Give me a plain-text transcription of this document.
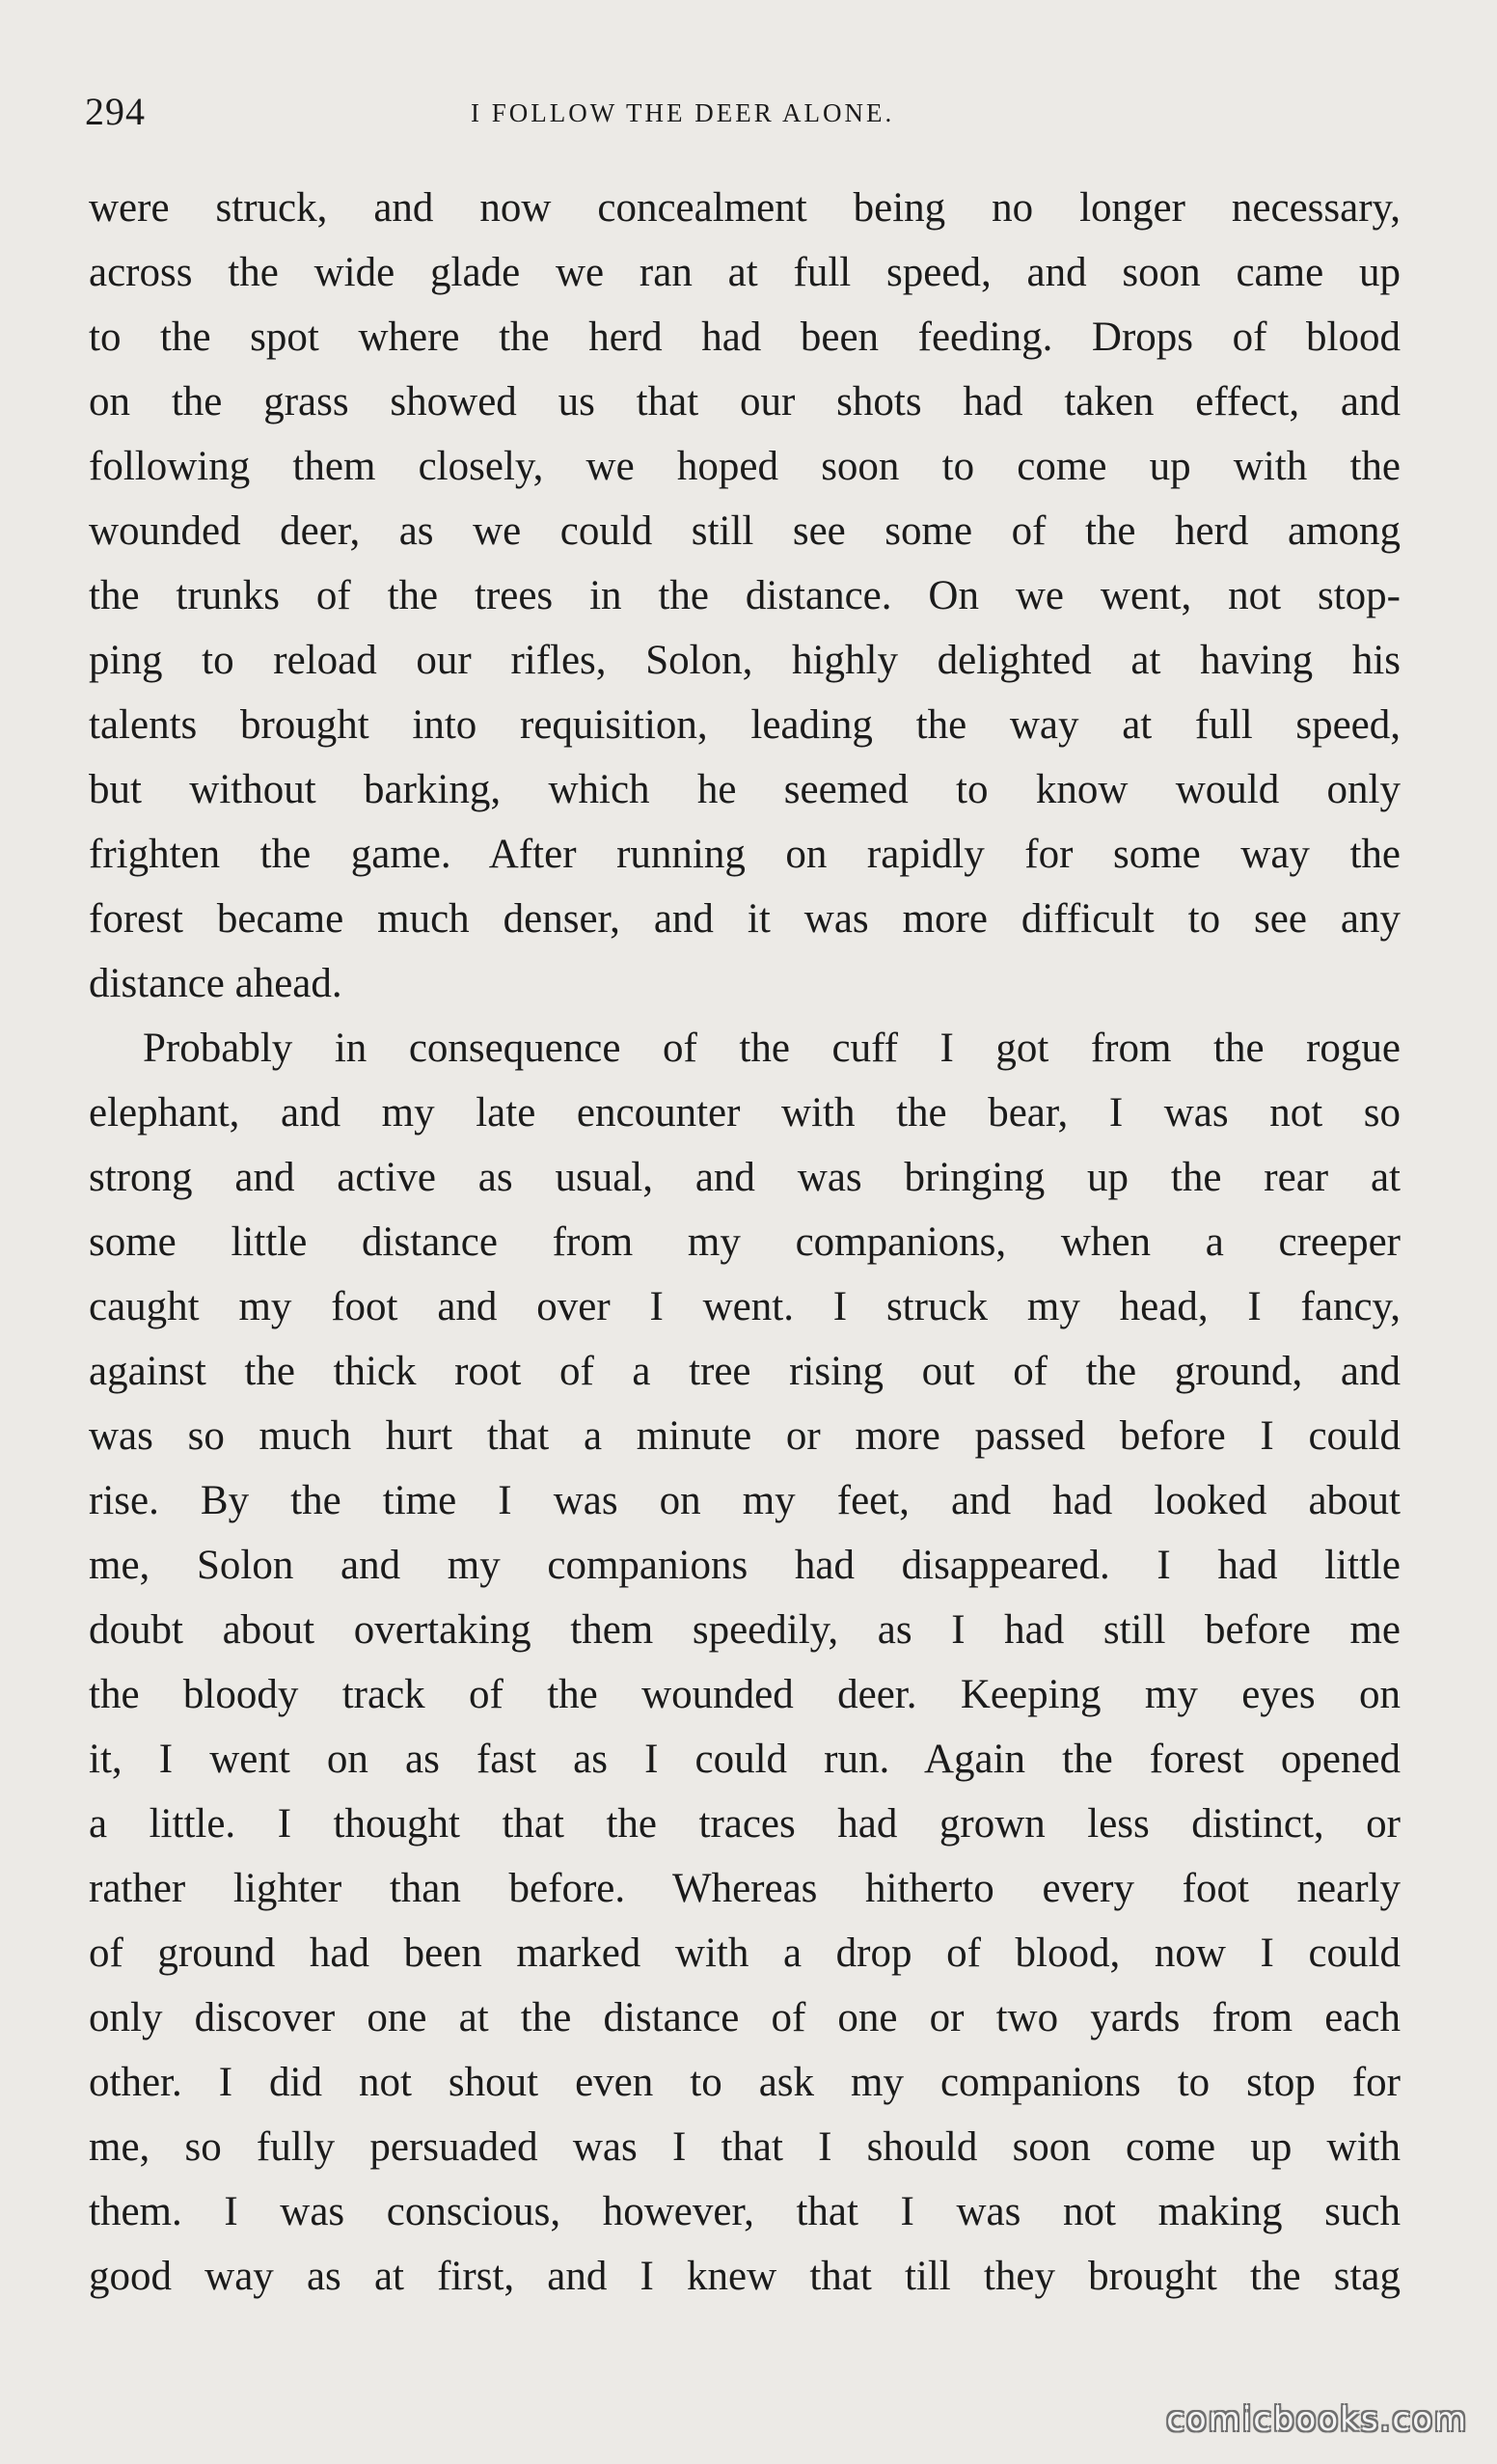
294	I FOLLOW THE DEER ALONE.
were struck, and now concealment being no longer necessary,
across the wide glade we ran at full speed, and soon came up
to the spot where the herd had been feeding. Drops of blood
on the grass showed us that our shots had taken effect, and
following them closely, we hoped soon to come up with the
wounded deer, as we could still see some of the herd among
the trunks of the trees in the distance. On we went, not stop-
ping to reload our rifles, Solon, highly delighted at having his
talents brought into requisition, leading the way at full speed,
but without barking, which he seemed to know would only
frighten the game. After running on rapidly for some way the
forest became much denser, and it was more difficult to see any
distance ahead.
Probably in consequence of the cuff I got from the rogue
elephant, and my late encounter with the bear, I was not so
strong and active as usual, and was bringing up the rear at
some little distance from my companions, when a creeper
caught my foot and over I went. I struck my head, I fancy,
against the thick root of a tree rising out of the ground, and
was so much hurt that a minute or more passed before I could
rise. By the time I was on my feet, and had looked about
me, Solon and my companions had disappeared. I had little
doubt about overtaking them speedily, as I had still before me
the bloody track of the wounded deer. Keeping my eyes on
it, I went on as fast as I could run. Again the forest opened
a little. I thought that the traces had grown less distinct, or
rather lighter than before. Whereas hitherto every foot nearly
of ground had been marked with a drop of blood, now I could
only discover one at the distance of one or two yards from each
other. I did not shout even to ask my companions to stop for
me, so fully persuaded was I that I should soon come up with
them. I was conscious, however, that I was not making such
good way as at first, and I knew that till they brought the stag
comicbooks.com
